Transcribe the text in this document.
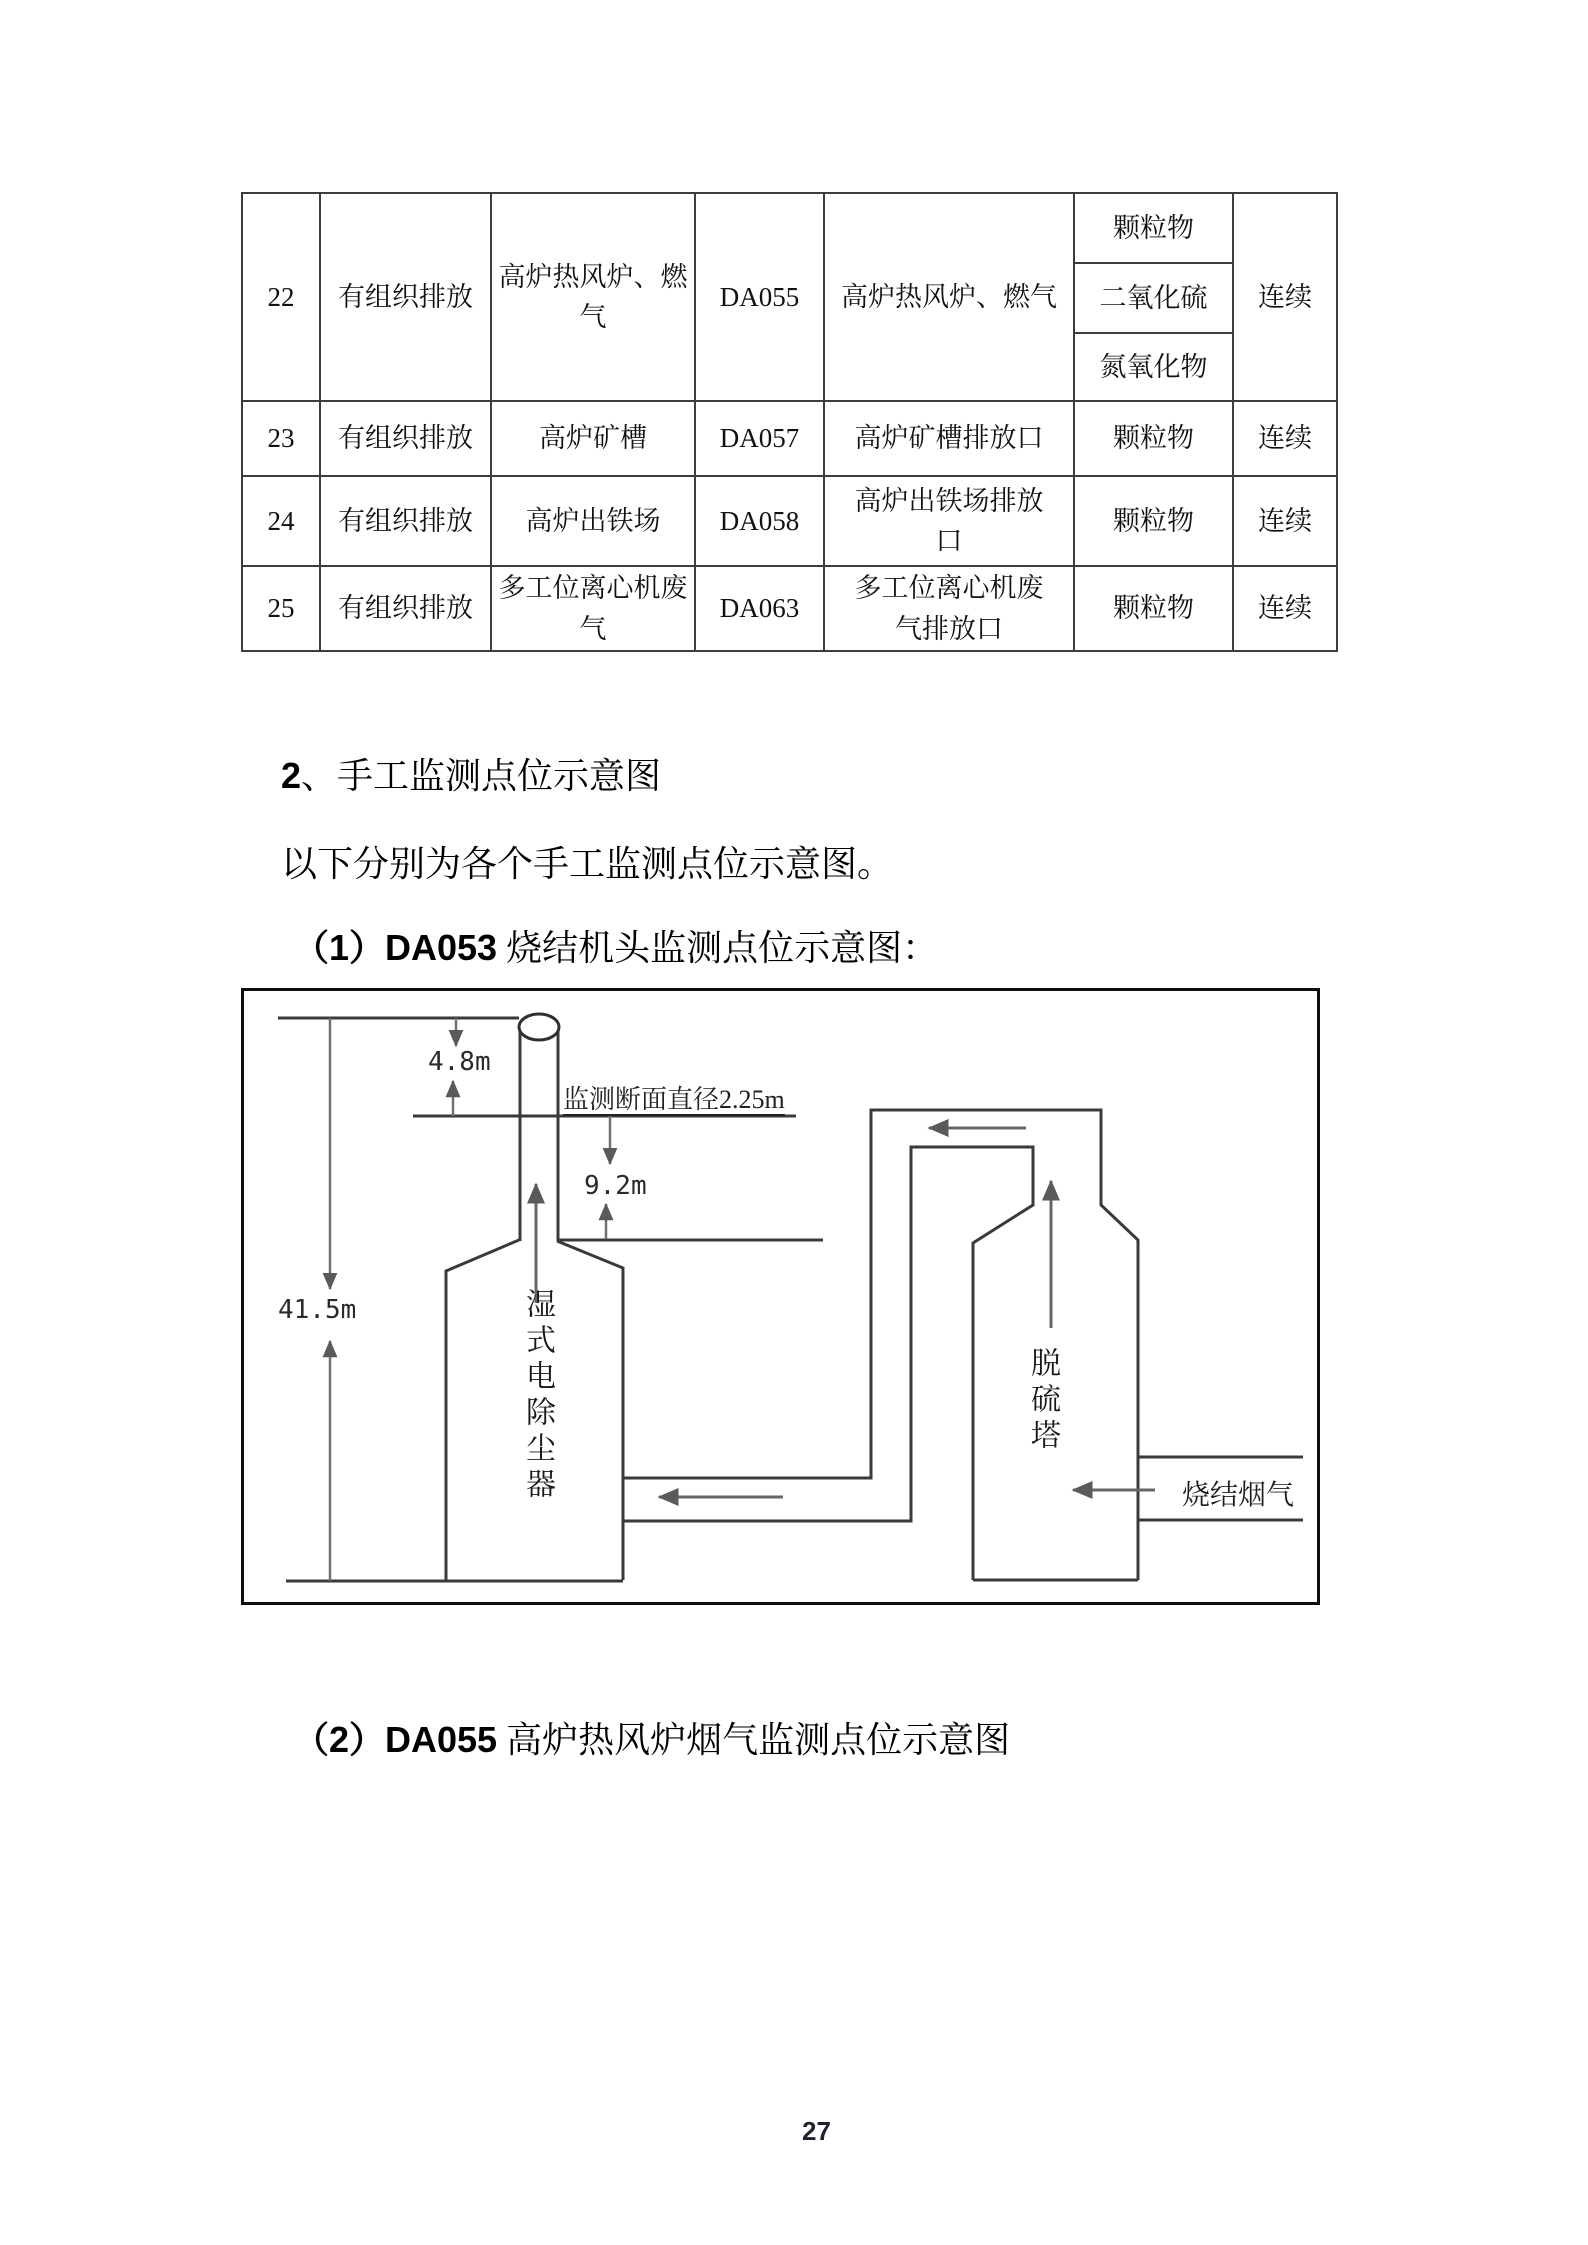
22	有组织排放	高炉热风炉、燃气	DA055	高炉热风炉、燃气	颗粒物	连续
					二氧化硫	
					氮氧化物	
23	有组织排放	高炉矿槽	DA057	高炉矿槽排放口	颗粒物	连续
24	有组织排放	高炉出铁场	DA058	高炉出铁场排放口	颗粒物	连续
25	有组织排放	多工位离心机废气	DA063	多工位离心机废气排放口	颗粒物	连续
2、手工监测点位示意图
以下分别为各个手工监测点位示意图。
（1）DA053 烧结机头监测点位示意图：
4.8m
监测断面直径2.25m
9.2m
41.5m	湿式电除尘器	脱硫塔
烧结烟气
（2）DA055 高炉热风炉烟气监测点位示意图
27
